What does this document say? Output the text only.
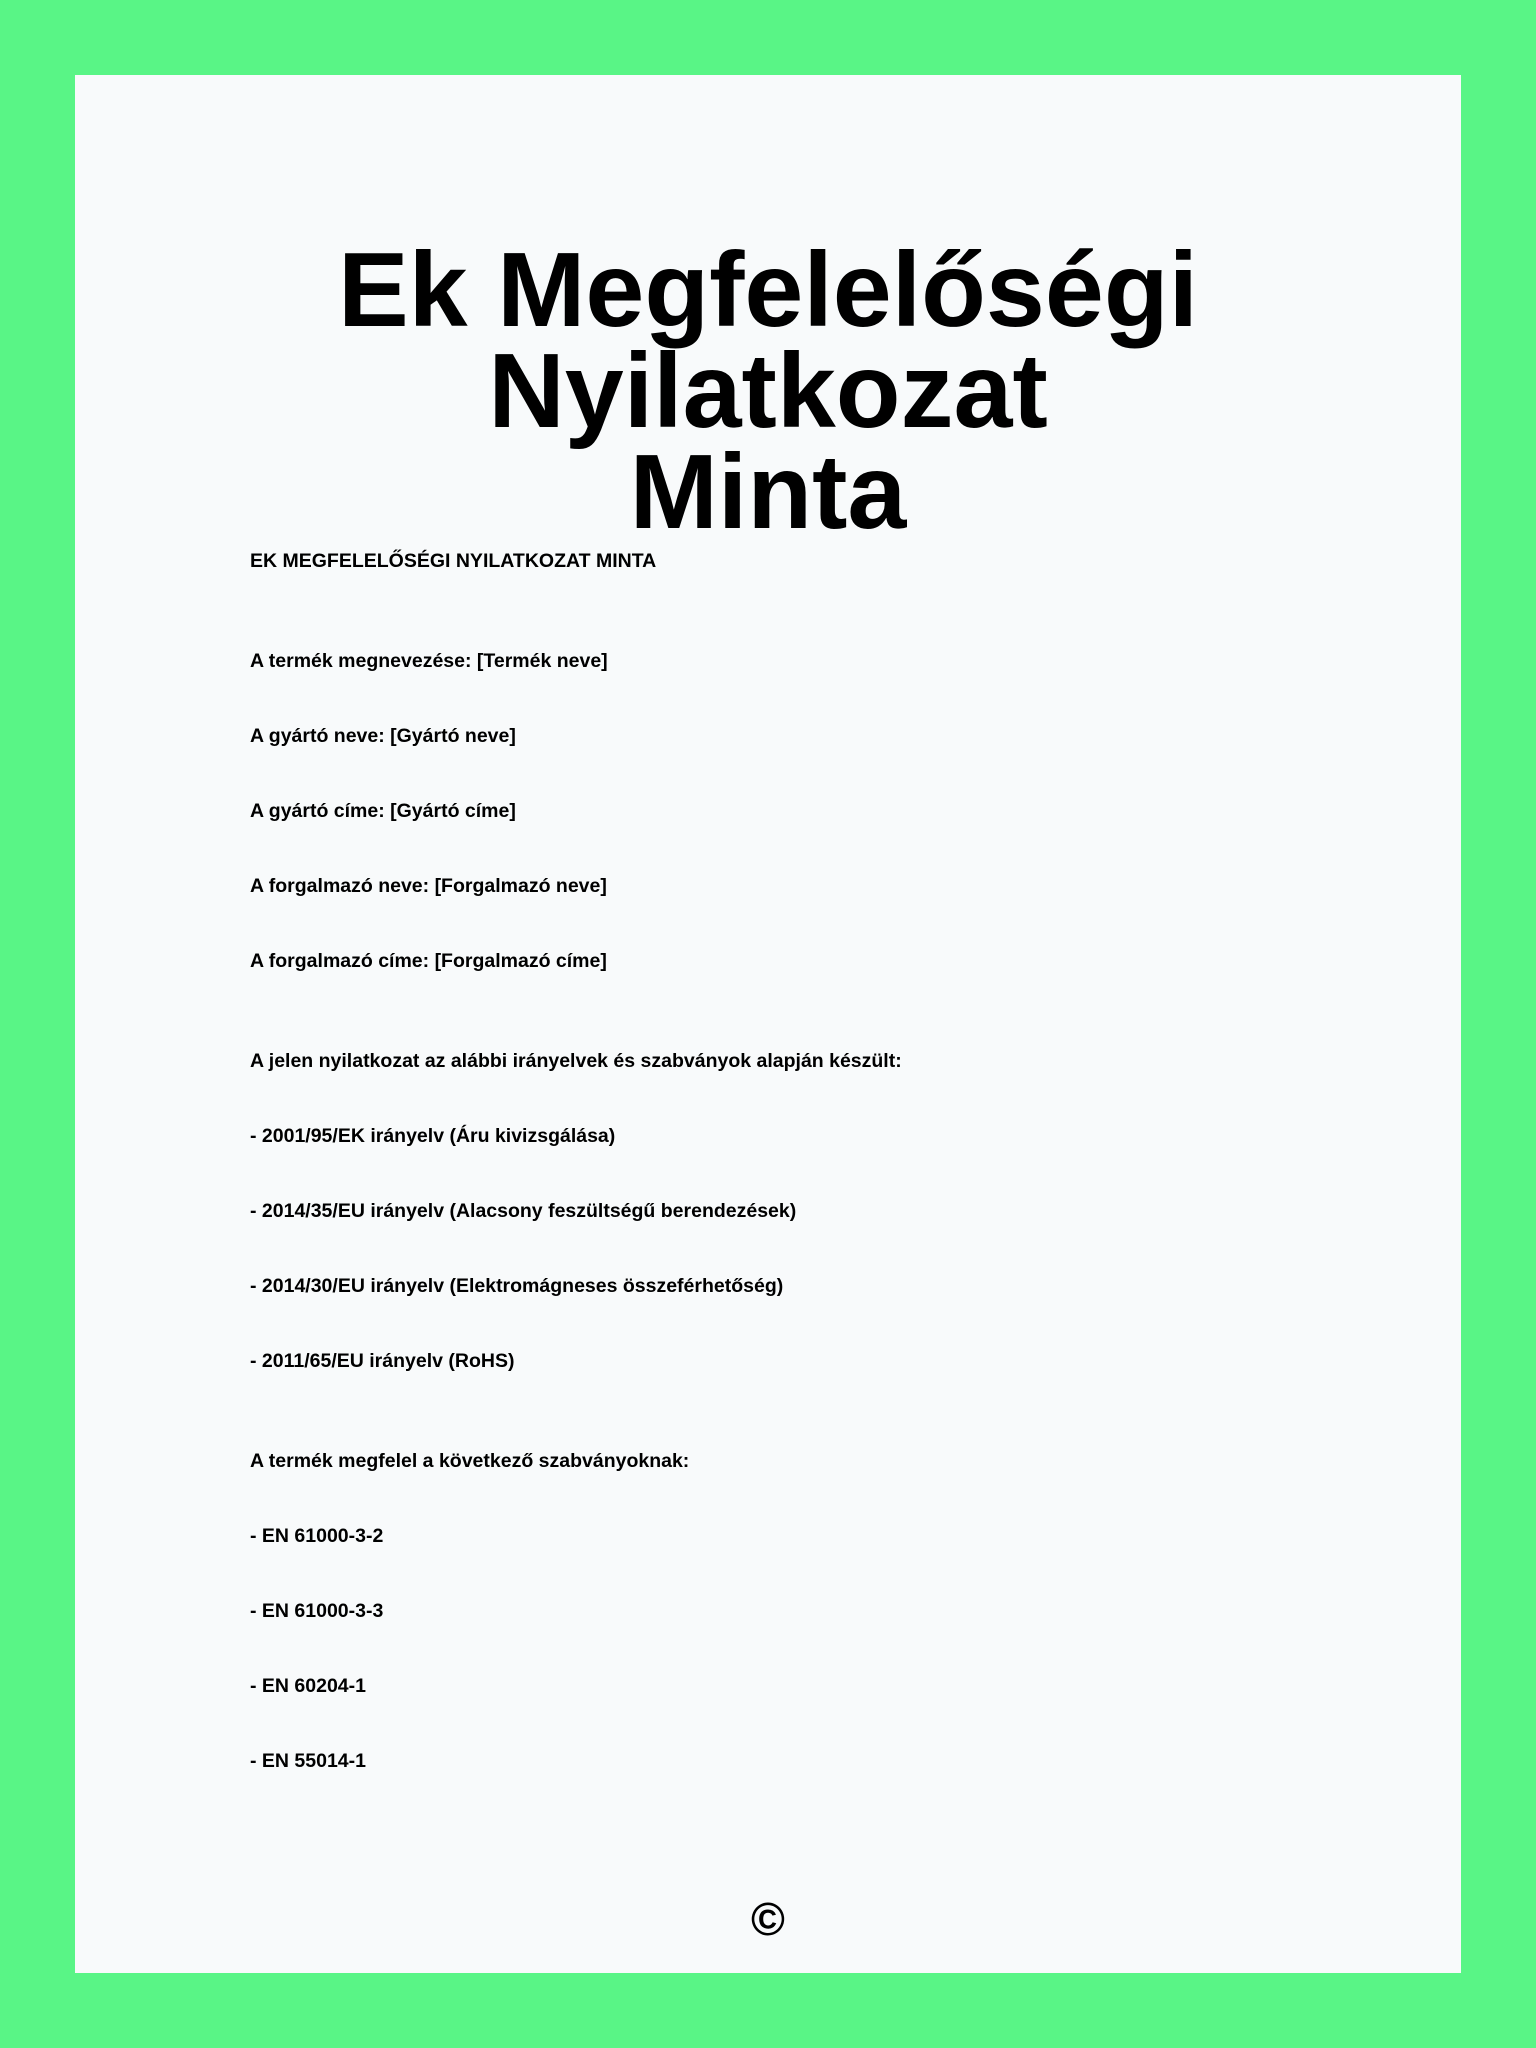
Ek Megfelelőségi Nyilatkozat
Minta
EK MEGFELELŐSÉGI NYILATKOZAT MINTA
A termék megnevezése: [Termék neve]
A gyártó neve: [Gyártó neve]
A gyártó címe: [Gyártó címe]
A forgalmazó neve: [Forgalmazó neve]
A forgalmazó címe: [Forgalmazó címe]
A jelen nyilatkozat az alábbi irányelvek és szabványok alapján készült:
- 2001/95/EK irányelv (Áru kivizsgálása)
- 2014/35/EU irányelv (Alacsony feszültségű berendezések)
- 2014/30/EU irányelv (Elektromágneses összeférhetőség)
- 2011/65/EU irányelv (RoHS)
A termék megfelel a következő szabványoknak:
- EN 61000-3-2
- EN 61000-3-3
- EN 60204-1
- EN 55014-1
©
